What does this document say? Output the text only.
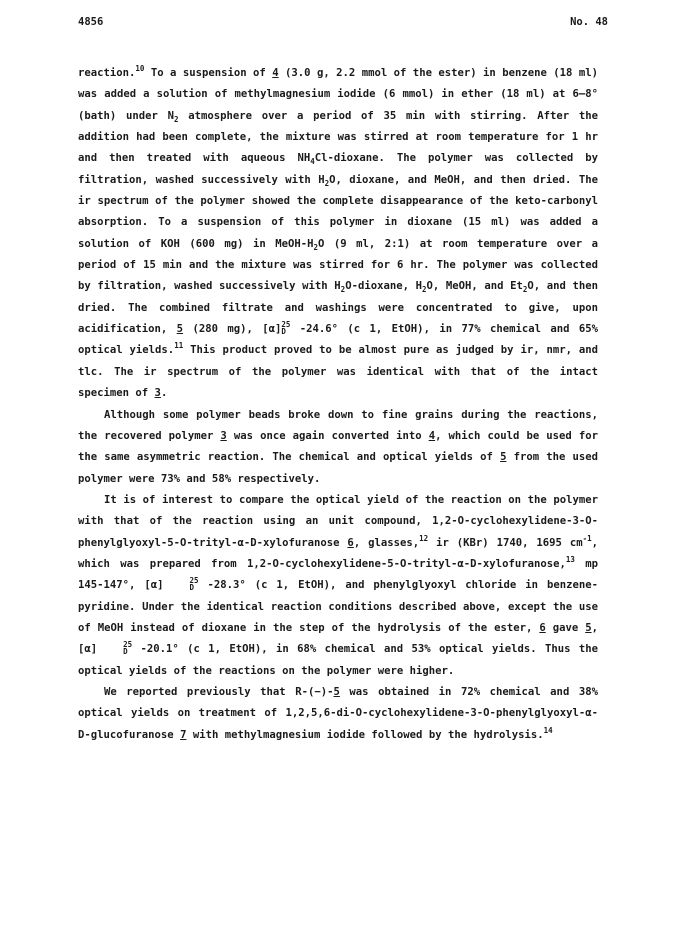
4856	No. 48

reaction.$^{10}$ To a suspension of 4 (3.0 g, 2.2 mmol of the ester) in benzene (18 ml) was added a solution of methylmagnesium iodide (6 mmol) in ether (18 ml) at 6–8° (bath) under $N_2$ atmosphere over a period of 35 min with stirring. After the addition had been complete, the mixture was stirred at room temperature for 1 hr and then treated with aqueous $NH_4Cl$-dioxane. The polymer was collected by filtration, washed successively with $H_2O$, dioxane, and MeOH, and then dried. The ir spectrum of the polymer showed the complete disappearance of the keto-carbonyl absorption. To a suspension of this polymer in dioxane (15 ml) was added a solution of KOH (600 mg) in MeOH-$H_2O$ (9 ml, 2:1) at room temperature over a period of 15 min and the mixture was stirred for 6 hr. The polymer was collected by filtration, washed successively with $H_2O$-dioxane, $H_2O$, MeOH, and $Et_2O$, and then dried. The combined filtrate and washings were concentrated to give, upon acidification, 5 (280 mg), $[\alpha]^{25}$
D -24.6° (c 1, EtOH), in 77% chemical and 65% optical yields.$^{11}$ This product proved to be almost pure as judged by ir, nmr, and tlc. The ir spectrum of the polymer was identical with that of the intact specimen of 3.

Although some polymer beads broke down to fine grains during the reactions, the recovered polymer 3 was once again converted into 4, which could be used for the same asymmetric reaction. The chemical and optical yields of 5 from the used polymer were 73% and 58% respectively.

It is of interest to compare the optical yield of the reaction on the polymer with that of the reaction using an unit compound, 1,2-O-cyclohexylidene-3-O-phenylglyoxyl-5-O-trityl-α-D-xylofuranose 6, glasses,$^{12}$ ir (KBr) 1740, 1695 $cm^{-1}$, which was prepared from 1,2-O-cyclohexylidene-5-O-trityl-α-D-xylofuranose,$^{13}$ mp 145-147°, [α]	$^{25}$
D -28.3° (c 1, EtOH), and phenylglyoxyl chloride in benzene-pyridine. Under the identical reaction conditions described above, except the use of MeOH instead of dioxane in the step of the hydrolysis of the ester, 6 gave 5, [α]	$^{25}$
D -20.1° (c 1, EtOH), in 68% chemical and 53% optical yields. Thus the optical yields of the reactions on the polymer were higher.

We reported previously that R-(−)-5 was obtained in 72% chemical and 38% optical yields on treatment of 1,2,5,6-di-O-cyclohexylidene-3-O-phenylglyoxyl-α-D-glucofuranose 7 with methylmagnesium iodide followed by the hydrolysis.$^{14}$
